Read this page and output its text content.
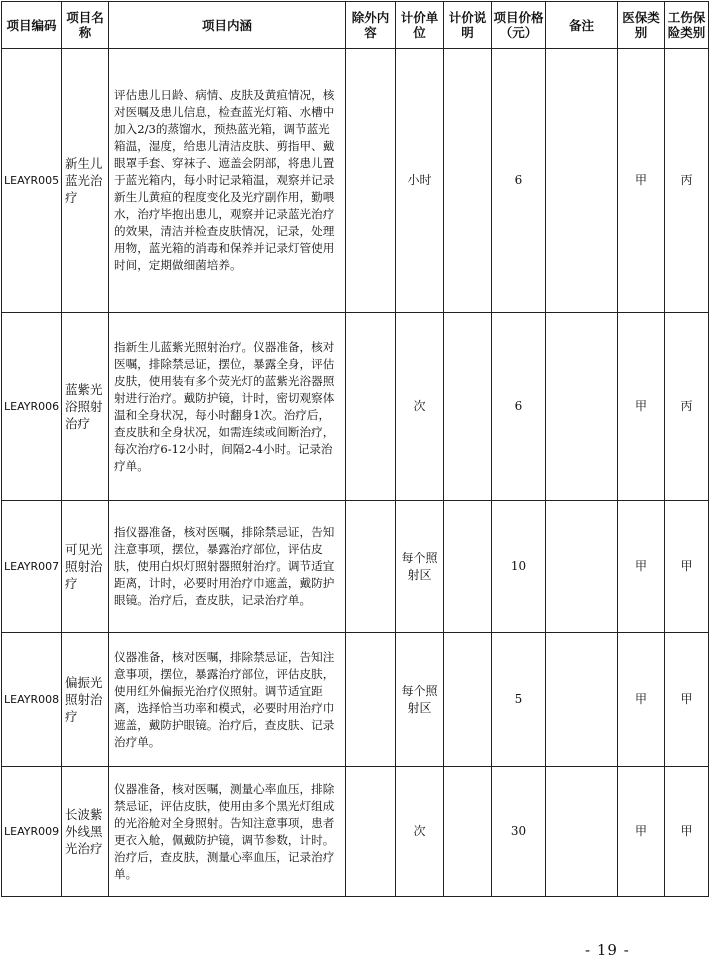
项目编码	项目名称	项目内涵	除外内容	计价单位	计价说明	项目价格（元）	备注	医保类别	工伤保险类别
LEAYR005	新生儿蓝光治疗	评估患儿日龄、病情、皮肤及黄疸情况，核对医嘱及患儿信息，检查蓝光灯箱、水槽中加入2/3的蒸馏水，预热蓝光箱，调节蓝光箱温，湿度，给患儿清洁皮肤、剪指甲、戴眼罩手套、穿袜子、遮盖会阴部，将患儿置于蓝光箱内，每小时记录箱温，观察并记录新生儿黄疸的程度变化及光疗副作用，勤喂水，治疗毕抱出患儿，观察并记录蓝光治疗的效果，清洁并检查皮肤情况，记录，处理用物，蓝光箱的消毒和保养并记录灯管使用时间，定期做细菌培养。		小时		6		甲	丙
LEAYR006	蓝紫光浴照射治疗	指新生儿蓝紫光照射治疗。仪器准备，核对医嘱，排除禁忌证，摆位，暴露全身，评估皮肤，使用装有多个荧光灯的蓝紫光浴器照射进行治疗。戴防护镜，计时，密切观察体温和全身状况，每小时翻身1次。治疗后，查皮肤和全身状况，如需连续或间断治疗，每次治疗6-12小时，间隔2-4小时。记录治疗单。		次		6		甲	丙
LEAYR007	可见光照射治疗	指仪器准备，核对医嘱，排除禁忌证，告知注意事项，摆位，暴露治疗部位，评估皮肤，使用白炽灯照射器照射治疗。调节适宜距离，计时，必要时用治疗巾遮盖，戴防护眼镜。治疗后，查皮肤，记录治疗单。		每个照射区		10		甲	甲
LEAYR008	偏振光照射治疗	仪器准备，核对医嘱，排除禁忌证，告知注意事项，摆位，暴露治疗部位，评估皮肤，使用红外偏振光治疗仪照射。调节适宜距离，选择恰当功率和模式，必要时用治疗巾遮盖，戴防护眼镜。治疗后，查皮肤、记录治疗单。		每个照射区		5		甲	甲
LEAYR009	长波紫外线黑光治疗	仪器准备，核对医嘱，测量心率血压，排除禁忌证，评估皮肤，使用由多个黑光灯组成的光浴舱对全身照射。告知注意事项，患者更衣入舱，佩戴防护镜，调节参数，计时。治疗后，查皮肤，测量心率血压，记录治疗单。		次		30		甲	甲
- 19 -
